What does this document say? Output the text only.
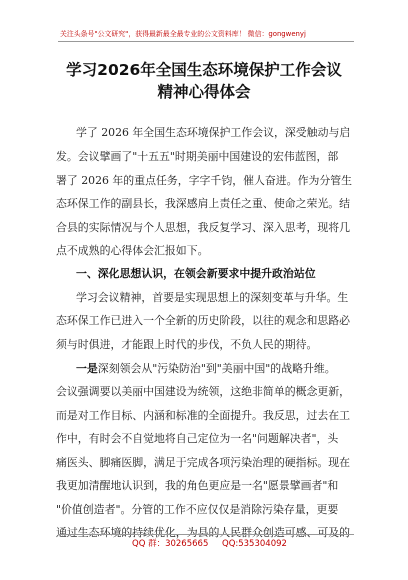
关注头条号"公文研究"，获得最新最全最专业的公文资料库！ 微信：gongwenyj
学习2026年全国生态环境保护工作会议
精神心得体会
学了 2026 年全国生态环境保护工作会议，深受触动与启
发。会议擘画了"十五五"时期美丽中国建设的宏伟蓝图，部
署了 2026 年的重点任务，字字千钧，催人奋进。作为分管生
态环保工作的副县长，我深感肩上责任之重、使命之荣光。结
合县的实际情况与个人思想，我反复学习、深入思考，现将几
点不成熟的心得体会汇报如下。
一、深化思想认识，在领会新要求中提升政治站位
学习会议精神，首要是实现思想上的深刻变革与升华。生
态环保工作已进入一个全新的历史阶段，以往的观念和思路必
须与时俱进，才能跟上时代的步伐，不负人民的期待。
一是深刻领会从"污染防治"到"美丽中国"的战略升维。
会议强调要以美丽中国建设为统领，这绝非简单的概念更新，
而是对工作目标、内涵和标准的全面提升。我反思，过去在工
作中，有时会不自觉地将自己定位为一名"问题解决者"，头
痛医头、脚痛医脚，满足于完成各项污染治理的硬指标。现在
我更加清醒地认识到，我的角色更应是一名"愿景擘画者"和
"价值创造者"。分管的工作不应仅仅是消除污染存量，更要
通过生态环境的持续优化，为县的人民群众创造可感、可及的
QQ 群：30265665 QQ:535304092
